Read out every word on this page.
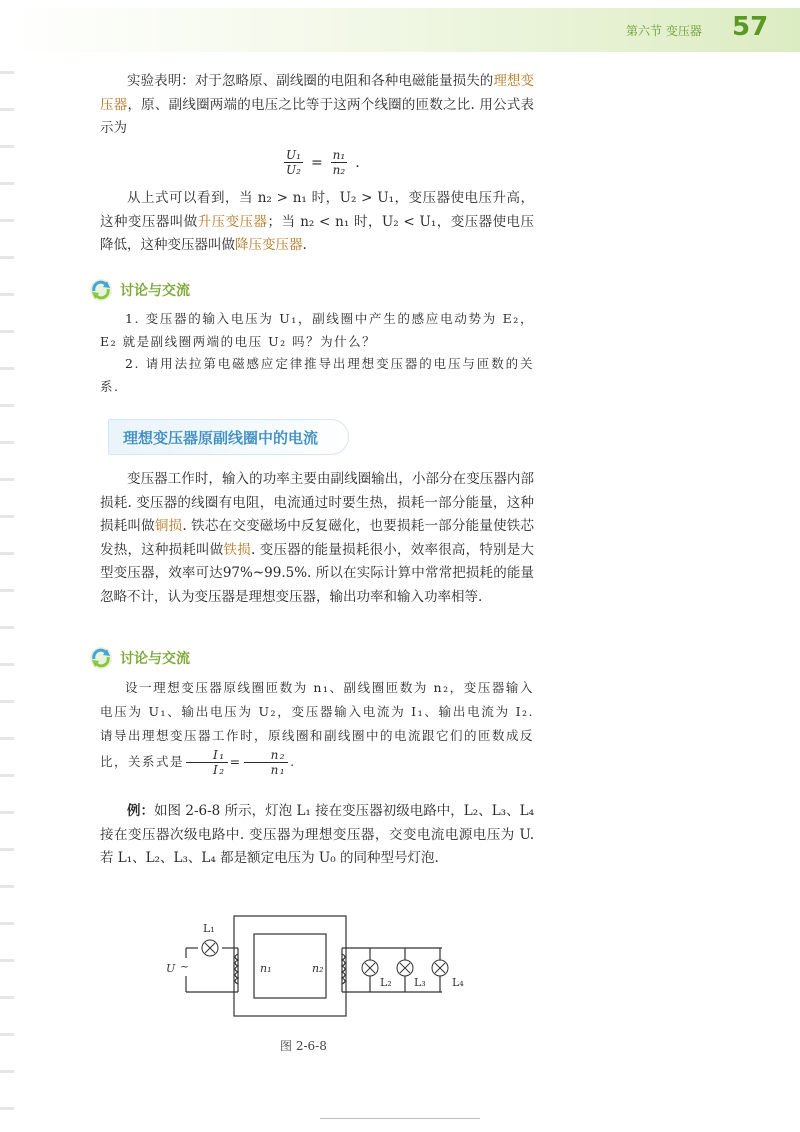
第六节 变压器 57

实验表明：对于忽略原、副线圈的电阻和各种电磁能量损失的理想变压器，原、副线圈两端的电压之比等于这两个线圈的匝数之比. 用公式表示为

$\frac{\text{U₁}}{\text{U₂}} = \frac{\text{n₁}}{\text{n₂}}$ .

从上式可以看到，当 n₂ > n₁ 时，U₂ > U₁，变压器使电压升高，这种变压器叫做升压变压器；当 n₂ < n₁ 时，U₂ < U₁，变压器使电压降低，这种变压器叫做降压变压器.

讨论与交流

1. 变压器的输入电压为 U₁，副线圈中产生的感应电动势为 E₂，E₂ 就是副线圈两端的电压 U₂ 吗？为什么？

2. 请用法拉第电磁感应定律推导出理想变压器的电压与匝数的关系.

理想变压器原副线圈中的电流

变压器工作时，输入的功率主要由副线圈输出，小部分在变压器内部损耗. 变压器的线圈有电阻，电流通过时要生热，损耗一部分能量，这种损耗叫做铜损. 铁芯在交变磁场中反复磁化，也要损耗一部分能量使铁芯发热，这种损耗叫做铁损. 变压器的能量损耗很小，效率很高，特别是大型变压器，效率可达97%~99.5%. 所以在实际计算中常常把损耗的能量忽略不计，认为变压器是理想变压器，输出功率和输入功率相等.

讨论与交流

设一理想变压器原线圈匝数为 n₁、副线圈匝数为 n₂，变压器输入电压为 U₁、输出电压为 U₂，变压器输入电流为 I₁、输出电流为 I₂. 请导出理想变压器工作时，原线圈和副线圈中的电流跟它们的匝数成反比，关系式是 $\frac{\text{I₁}}{\text{I₂}} = \frac{\text{n₂}}{\text{n₁}}$ .

例：如图 2-6-8 所示，灯泡 L₁ 接在变压器初级电路中，L₂、L₃、L₄ 接在变压器次级电路中. 变压器为理想变压器，交变电流电源电压为 U. 若 L₁、L₂、L₃、L₄ 都是额定电压为 U₀ 的同种型号灯泡.

L₁
n₁	n₂
U ~
L₂ L₃ L₄
图 2-6-8
